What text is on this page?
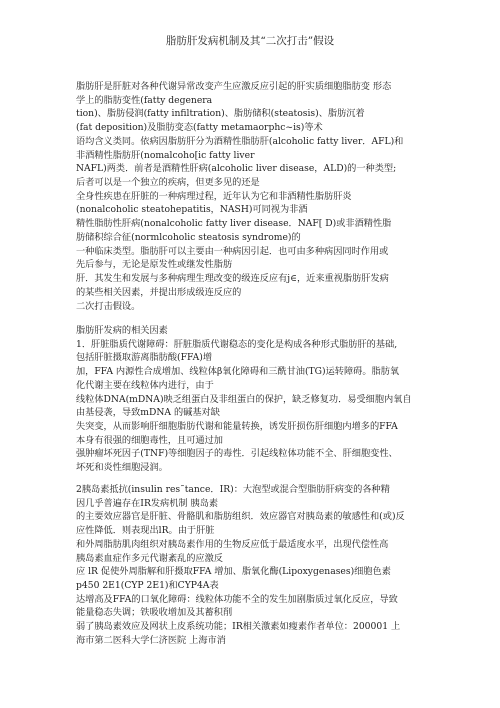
脂肪肝发病机制及其“二次打击”假设
脂肪肝是肝脏对各种代谢异常改变产生应激反应引起的肝实质细胞脂肪变 形态
学上的脂肪变性(fatty degenera
tion)、脂肪侵润(fatty infiltration)、脂肪储积(steatosis)、脂肪沉着
(fat deposition)及脂肪变态(fatty metamaorphc~is)等术
语均含义类同。依病因脂肪肝分为酒精性脂肪肝(alcoholic fatty liver．AFL)和
非酒精性脂肪肝(nomalcoho[ic fatty liver
NAFL)两类．前者是酒精性肝病(alcoholic liver disease，ALD)的一种类型;
后者可以是一个独立的疾病，但更多见的还是
全身性疾患在肝脏的一种病理过程，近年认为它和非酒精性脂肪肝炎
(nonalcoholic steatohepatitis，NASH)可同视为非酒
精性脂肪性肝病(nonalcoholic fatty liver disease．NAF[ D)或非酒精性脂
肪储积综合征(normlcoholic steatosis syndrome)的
一种临床类型。脂肪肝可以主要由一种病因引起．也可由多种病因同时作用或
先后参与，无论是原发性或继发性脂肪
肝．其发生和发展与多种病理生理改变的级连反应有j∈，近来重视脂肪肝发病
的某些相关因素，并提出形成级连反应的
二次打击假设。
脂肪肝发病的相关因素
1．肝脏脂质代谢障碍：肝脏脂质代谢稳态的变化是构成各种形式脂肪肝的基础,
包括肝脏摄取游离脂肪酸(FFA)增
加，FFA 内源性合成增加、线粒体β氧化障碍和三酰甘油(TG)运转障碍。脂肪氧
化代谢主要在线粒体内进行，由于
线粒体DNA(mDNA)映乏组蛋白及非组蛋白的保护，缺乏修复功．易受细胞内氧自
由基侵袭，导致mDNA 的碱基对缺
失突变，从而影响肝细胞脂肪代谢和能量转换，诱发肝损伤肝细胞内增多的FFA
本身有很强的细胞毒性，且可通过加
强肿瘤坏死因子(TNF)等细胞因子的毒性．引起线粒体功能不全、肝细胞变性、
坏死和炎性细胞浸润。
2胰岛素抵抗(insulin res˜tance．IR)：大泡型或混合型脂肪肝病变的各种精
因几乎普遍存在IR发病机制 胰岛素
的主要效应器官是肝脏、骨骼肌和脂肪组织．效应器官对胰岛素的敏感性和(或)反
应性降低．则表现出lR。由于肝脏
和外周脂肪肌肉组织对胰岛素作用的生物反应低于最适度水平，出现代偿性高
胰岛素血症作多元代谢紊乱的应激反
应 lR 促使外周脂解和肝摄取FFA 增加、脂氧化酶(Lipoxygenases)细胞色素
p450 2E1(CYP 2E1)和CYP4A表
达增高及FFA的口氧化障碍：线粒体功能不全的发生加剧脂质过氧化反应，导致
能量稳态失调；铁吸收增加及其蓄积削
弱了胰岛素效应及网状上皮系统功能；IR相关激素如瘦素作者单位：200001 上
海市第二医科大学仁济医院 上海市消
